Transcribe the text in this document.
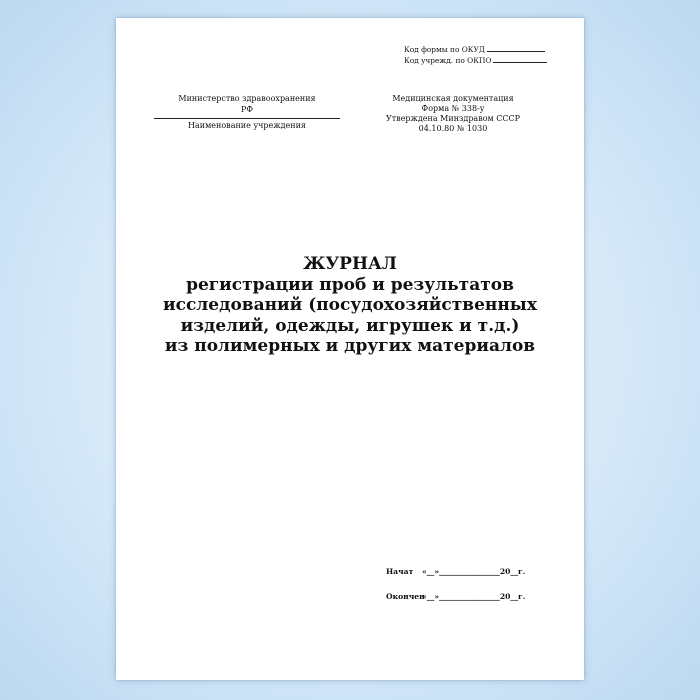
Код формы по ОКУД
Код учрежд. по ОКПО
Министерство здравоохранения
РФ
Наименование учреждения
Медицинская документация
Форма № 338-у
Утверждена Минздравом СССР
04.10.80 № 1030
ЖУРНАЛ
регистрации проб и результатов
исследований (посудохозяйственных
изделий, одежды, игрушек и т.д.)
из полимерных и других материалов
Начат «__»________________20__г.
Окончен«__»________________20__г.
